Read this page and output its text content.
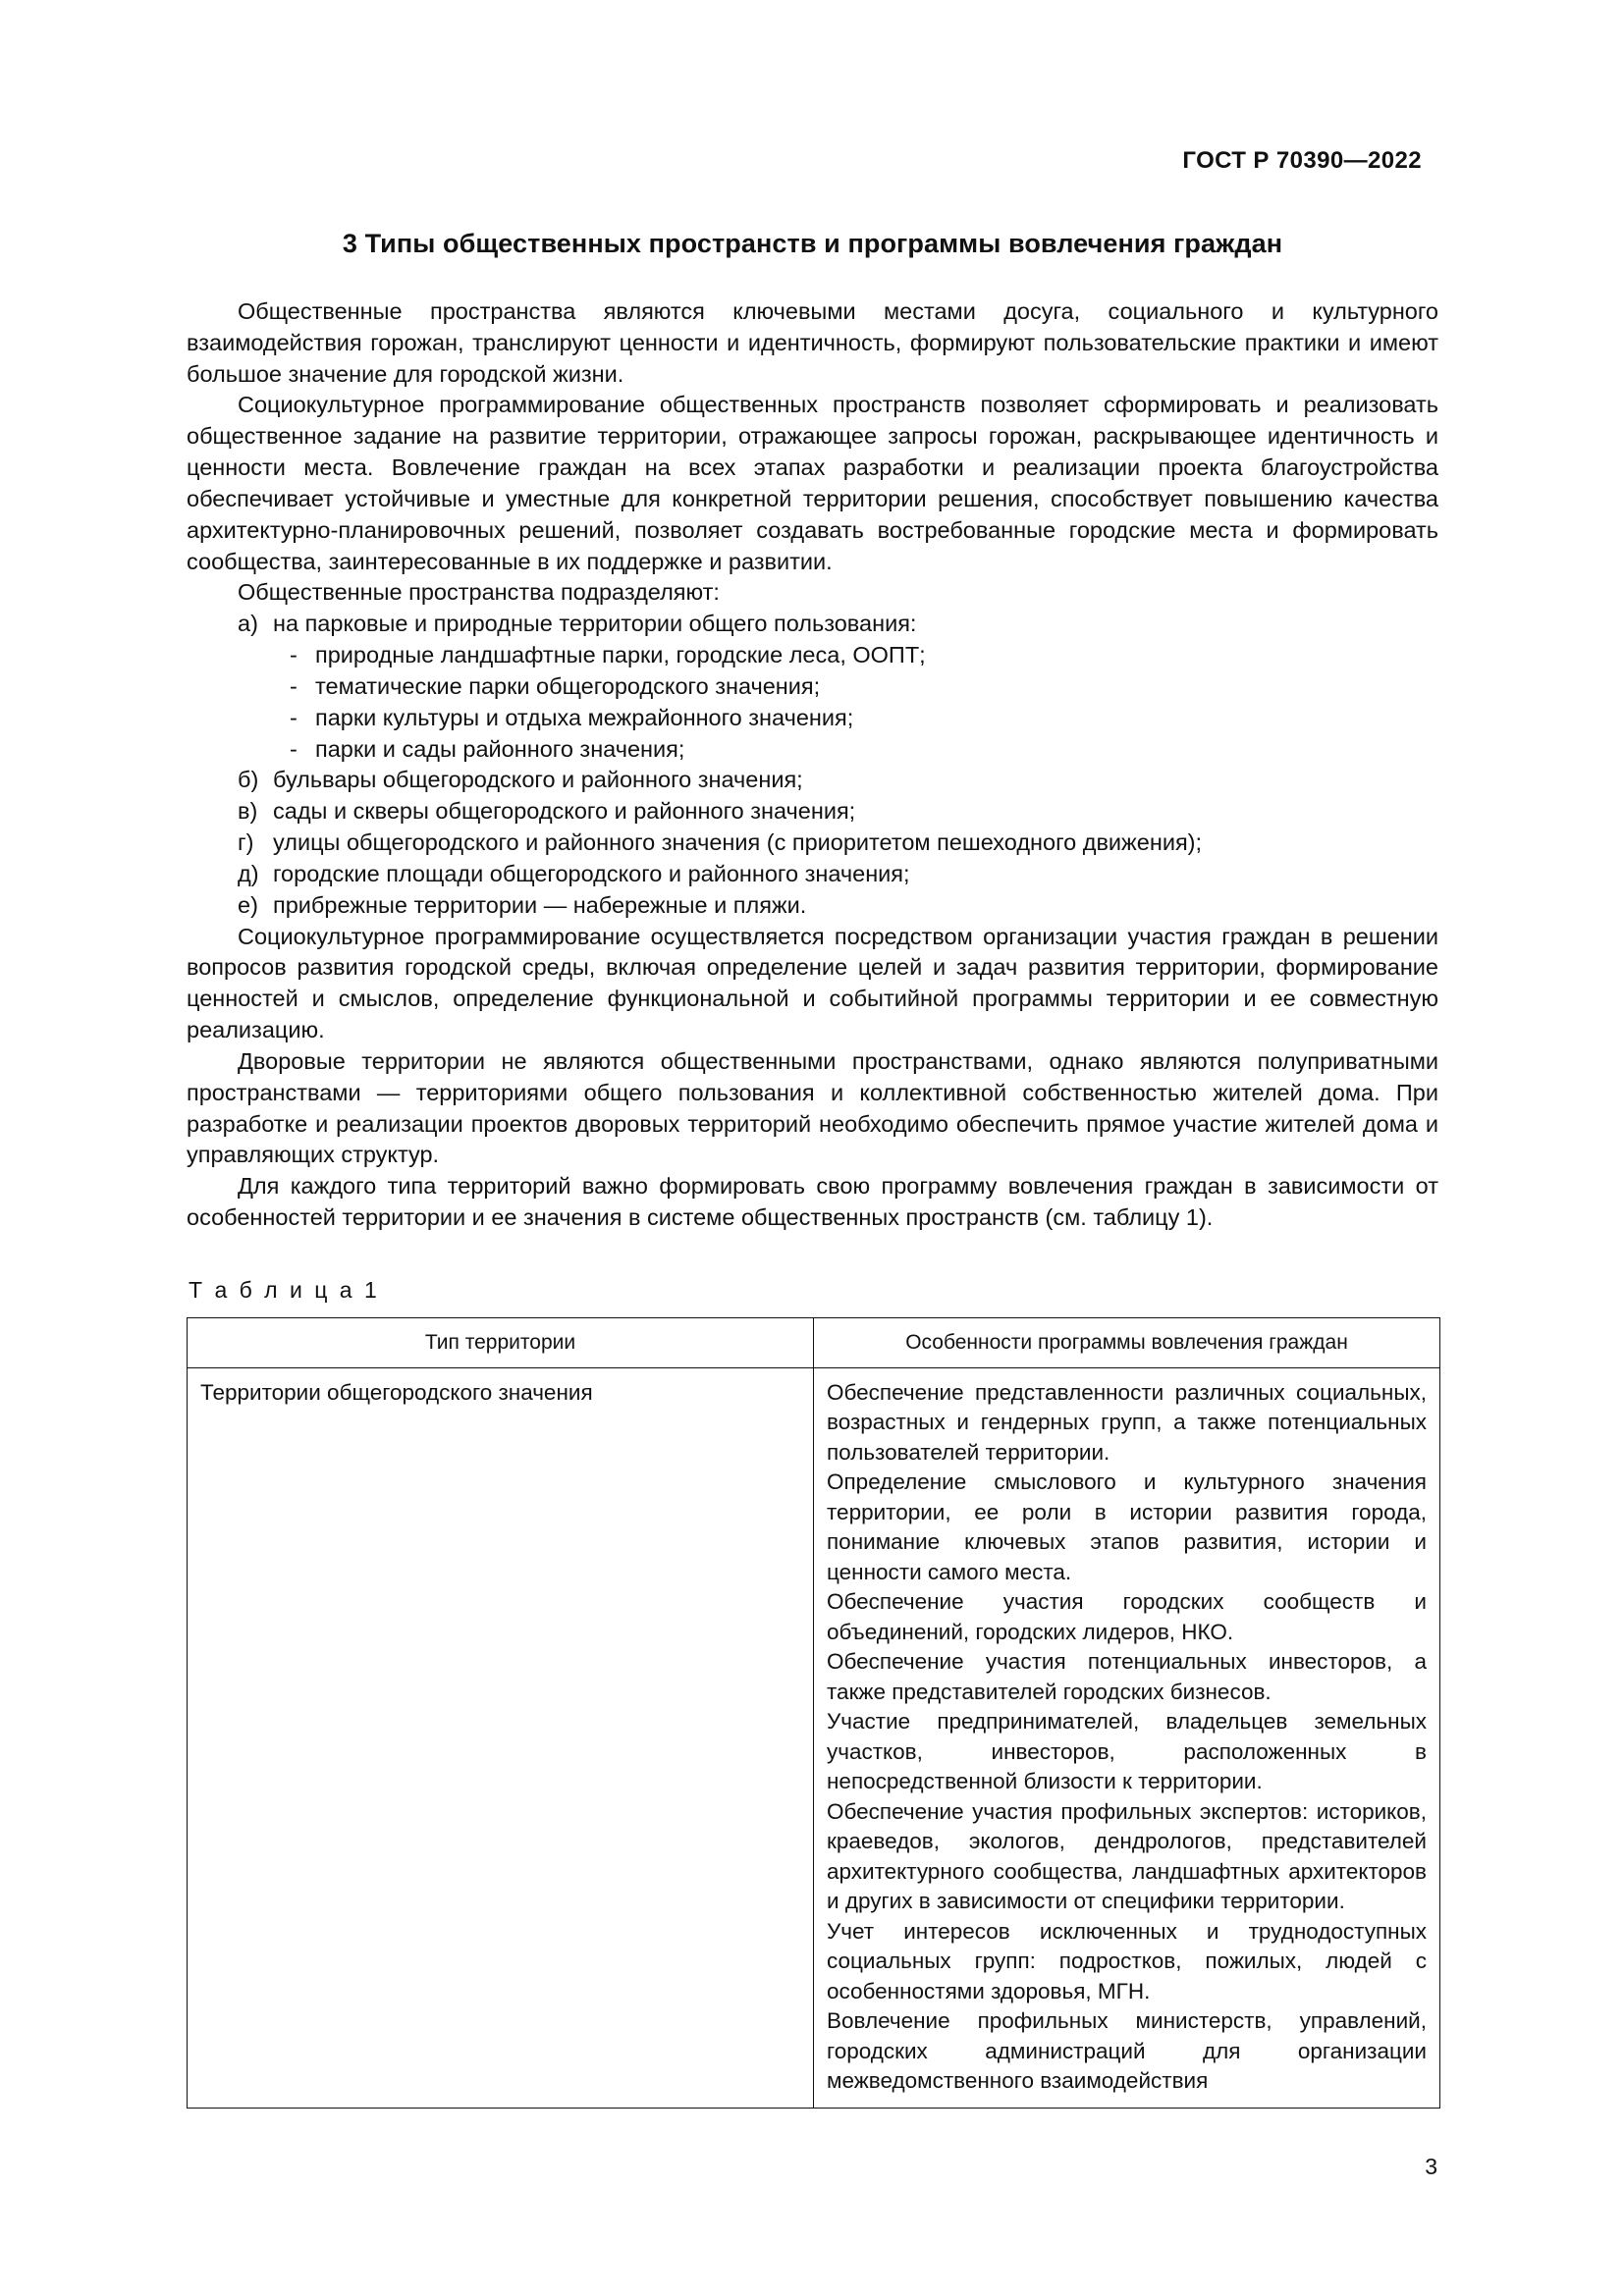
ГОСТ Р 70390—2022
3 Типы общественных пространств и программы вовлечения граждан

Общественные пространства являются ключевыми местами досуга, социального и культурного взаимодействия горожан, транслируют ценности и идентичность, формируют пользовательские практики и имеют большое значение для городской жизни.

Социокультурное программирование общественных пространств позволяет сформировать и реализовать общественное задание на развитие территории, отражающее запросы горожан, раскрывающее идентичность и ценности места. Вовлечение граждан на всех этапах разработки и реализации проекта благоустройства обеспечивает устойчивые и уместные для конкретной территории решения, способствует повышению качества архитектурно-планировочных решений, позволяет создавать востребованные городские места и формировать сообщества, заинтересованные в их поддержке и развитии.

Общественные пространства подразделяют:

а) на парковые и природные территории общего пользования:
- природные ландшафтные парки, городские леса, ООПТ;
- тематические парки общегородского значения;
- парки культуры и отдыха межрайонного значения;
- парки и сады районного значения;
б) бульвары общегородского и районного значения;
в) сады и скверы общегородского и районного значения;
г) улицы общегородского и районного значения (с приоритетом пешеходного движения);
д) городские площади общегородского и районного значения;
е) прибрежные территории — набережные и пляжи.

Социокультурное программирование осуществляется посредством организации участия граждан в решении вопросов развития городской среды, включая определение целей и задач развития территории, формирование ценностей и смыслов, определение функциональной и событийной программы территории и ее совместную реализацию.

Дворовые территории не являются общественными пространствами, однако являются полуприватными пространствами — территориями общего пользования и коллективной собственностью жителей дома. При разработке и реализации проектов дворовых территорий необходимо обеспечить прямое участие жителей дома и управляющих структур.

Для каждого типа территорий важно формировать свою программу вовлечения граждан в зависимости от особенностей территории и ее значения в системе общественных пространств (см. таблицу 1).

Т а б л и ц а 1
Тип территории	Особенности программы вовлечения граждан

Территории общегородского значения	Обеспечение представленности различных социальных, возрастных и гендерных групп, а также потенциальных пользователей территории.

Определение смыслового и культурного значения территории, ее роли в истории развития города, понимание ключевых этапов развития, истории и ценности самого места.

Обеспечение участия городских сообществ и объединений, городских лидеров, НКО.

Обеспечение участия потенциальных инвесторов, а также представителей городских бизнесов.

Участие предпринимателей, владельцев земельных участков, инвесторов, расположенных в непосредственной близости к территории.

Обеспечение участия профильных экспертов: историков, краеведов, экологов, дендрологов, представителей архитектурного сообщества, ландшафтных архитекторов и других в зависимости от специфики территории.

Учет интересов исключенных и труднодоступных социальных групп: подростков, пожилых, людей с особенностями здоровья, МГН.

Вовлечение профильных министерств, управлений, городских администраций для организации межведомственного взаимодействия

3
